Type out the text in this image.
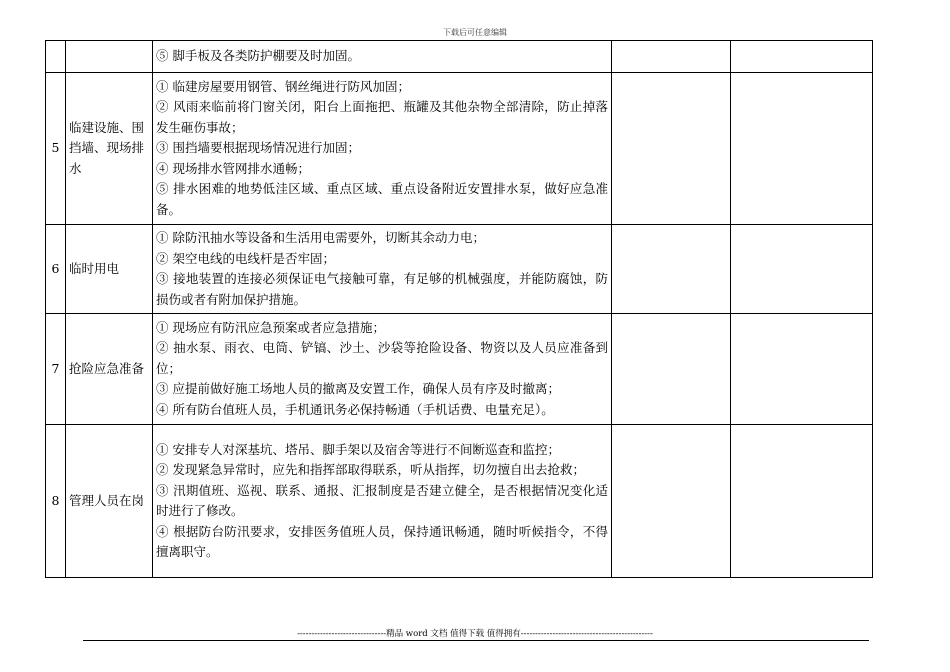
下载后可任意编辑

		⑤ 脚手板及各类防护棚要及时加固。		

5	临建设施、围挡墙、现场排水	① 临建房屋要用钢管、钢丝绳进行防风加固；
② 风雨来临前将门窗关闭，阳台上面拖把、瓶罐及其他杂物全部清除，防止掉落发生砸伤事故；
③ 围挡墙要根据现场情况进行加固；
④ 现场排水管网排水通畅；
⑤ 排水困难的地势低洼区域、重点区域、重点设备附近安置排水泵，做好应急准备。		

6	临时用电	① 除防汛抽水等设备和生活用电需要外，切断其余动力电；
② 架空电线的电线杆是否牢固；
③ 接地装置的连接必须保证电气接触可靠，有足够的机械强度，并能防腐蚀，防损伤或者有附加保护措施。		

7	抢险应急准备	① 现场应有防汛应急预案或者应急措施；
② 抽水泵、雨衣、电筒、铲镐、沙土、沙袋等抢险设备、物资以及人员应准备到位；
③ 应提前做好施工场地人员的撤离及安置工作，确保人员有序及时撤离；
④ 所有防台值班人员，手机通讯务必保持畅通（手机话费、电量充足）。		

8	管理人员在岗	① 安排专人对深基坑、塔吊、脚手架以及宿舍等进行不间断巡查和监控；
② 发现紧急异常时，应先和指挥部取得联系，听从指挥，切勿擅自出去抢救；
③ 汛期值班、巡视、联系、通报、汇报制度是否建立健全，是否根据情况变化适时进行了修改。
④ 根据防台防汛要求，安排医务值班人员，保持通讯畅通，随时听候指令，不得擅离职守。		

-------------------------------精品 word 文档 值得下载 值得拥有----------------------------------------------
